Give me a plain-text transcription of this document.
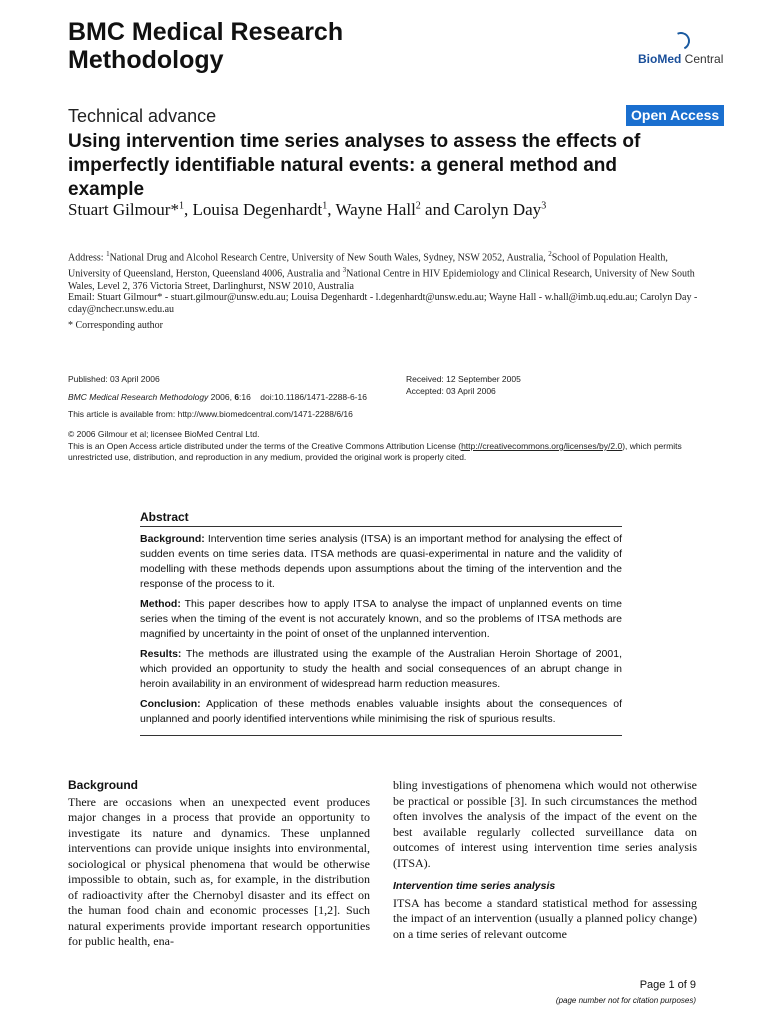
BMC Medical Research
Methodology	BioMed Central
Technical advance	Open Access
Using intervention time series analyses to assess the effects of imperfectly identifiable natural events: a general method and example
Stuart Gilmour*$^1$, Louisa Degenhardt$^1$, Wayne Hall$^2$ and Carolyn Day$^3$
Address: $^1$National Drug and Alcohol Research Centre, University of New South Wales, Sydney, NSW 2052, Australia, $^2$School of Population Health, University of Queensland, Herston, Queensland 4006, Australia and $^3$National Centre in HIV Epidemiology and Clinical Research, University of New South Wales, Level 2, 376 Victoria Street, Darlinghurst, NSW 2010, Australia
Email: Stuart Gilmour* - stuart.gilmour@unsw.edu.au; Louisa Degenhardt - l.degenhardt@unsw.edu.au; Wayne Hall - w.hall@imb.uq.edu.au; Carolyn Day - cday@nchecr.unsw.edu.au
* Corresponding author
Published: 03 April 2006
BMC Medical Research Methodology 2006, 6:16    doi:10.1186/1471-2288-6-16
This article is available from: http://www.biomedcentral.com/1471-2288/6/16
Received: 12 September 2005
Accepted: 03 April 2006
© 2006 Gilmour et al; licensee BioMed Central Ltd.
This is an Open Access article distributed under the terms of the Creative Commons Attribution License (http://creativecommons.org/licenses/by/2.0), which permits unrestricted use, distribution, and reproduction in any medium, provided the original work is properly cited.
Abstract
Background: Intervention time series analysis (ITSA) is an important method for analysing the effect of sudden events on time series data. ITSA methods are quasi-experimental in nature and the validity of modelling with these methods depends upon assumptions about the timing of the intervention and the response of the process to it.
Method: This paper describes how to apply ITSA to analyse the impact of unplanned events on time series when the timing of the event is not accurately known, and so the problems of ITSA methods are magnified by uncertainty in the point of onset of the unplanned intervention.
Results: The methods are illustrated using the example of the Australian Heroin Shortage of 2001, which provided an opportunity to study the health and social consequences of an abrupt change in heroin availability in an environment of widespread harm reduction measures.
Conclusion: Application of these methods enables valuable insights about the consequences of unplanned and poorly identified interventions while minimising the risk of spurious results.
Background
There are occasions when an unexpected event produces major changes in a process that provide an opportunity to investigate its nature and dynamics. These unplanned interventions can provide unique insights into environmental, sociological or physical phenomena that would be otherwise impossible to obtain, such as, for example, in the distribution of radioactivity after the Chernobyl disaster and its effect on the human food chain and economic processes [1,2]. Such natural experiments provide important research opportunities for public health, ena-
bling investigations of phenomena which would not otherwise be practical or possible [3]. In such circumstances the method often involves the analysis of the impact of the event on the best available regularly collected surveillance data on outcomes of interest using intervention time series analysis (ITSA).
Intervention time series analysis
ITSA has become a standard statistical method for assessing the impact of an intervention (usually a planned policy change) on a time series of relevant outcome
Page 1 of 9
(page number not for citation purposes)
